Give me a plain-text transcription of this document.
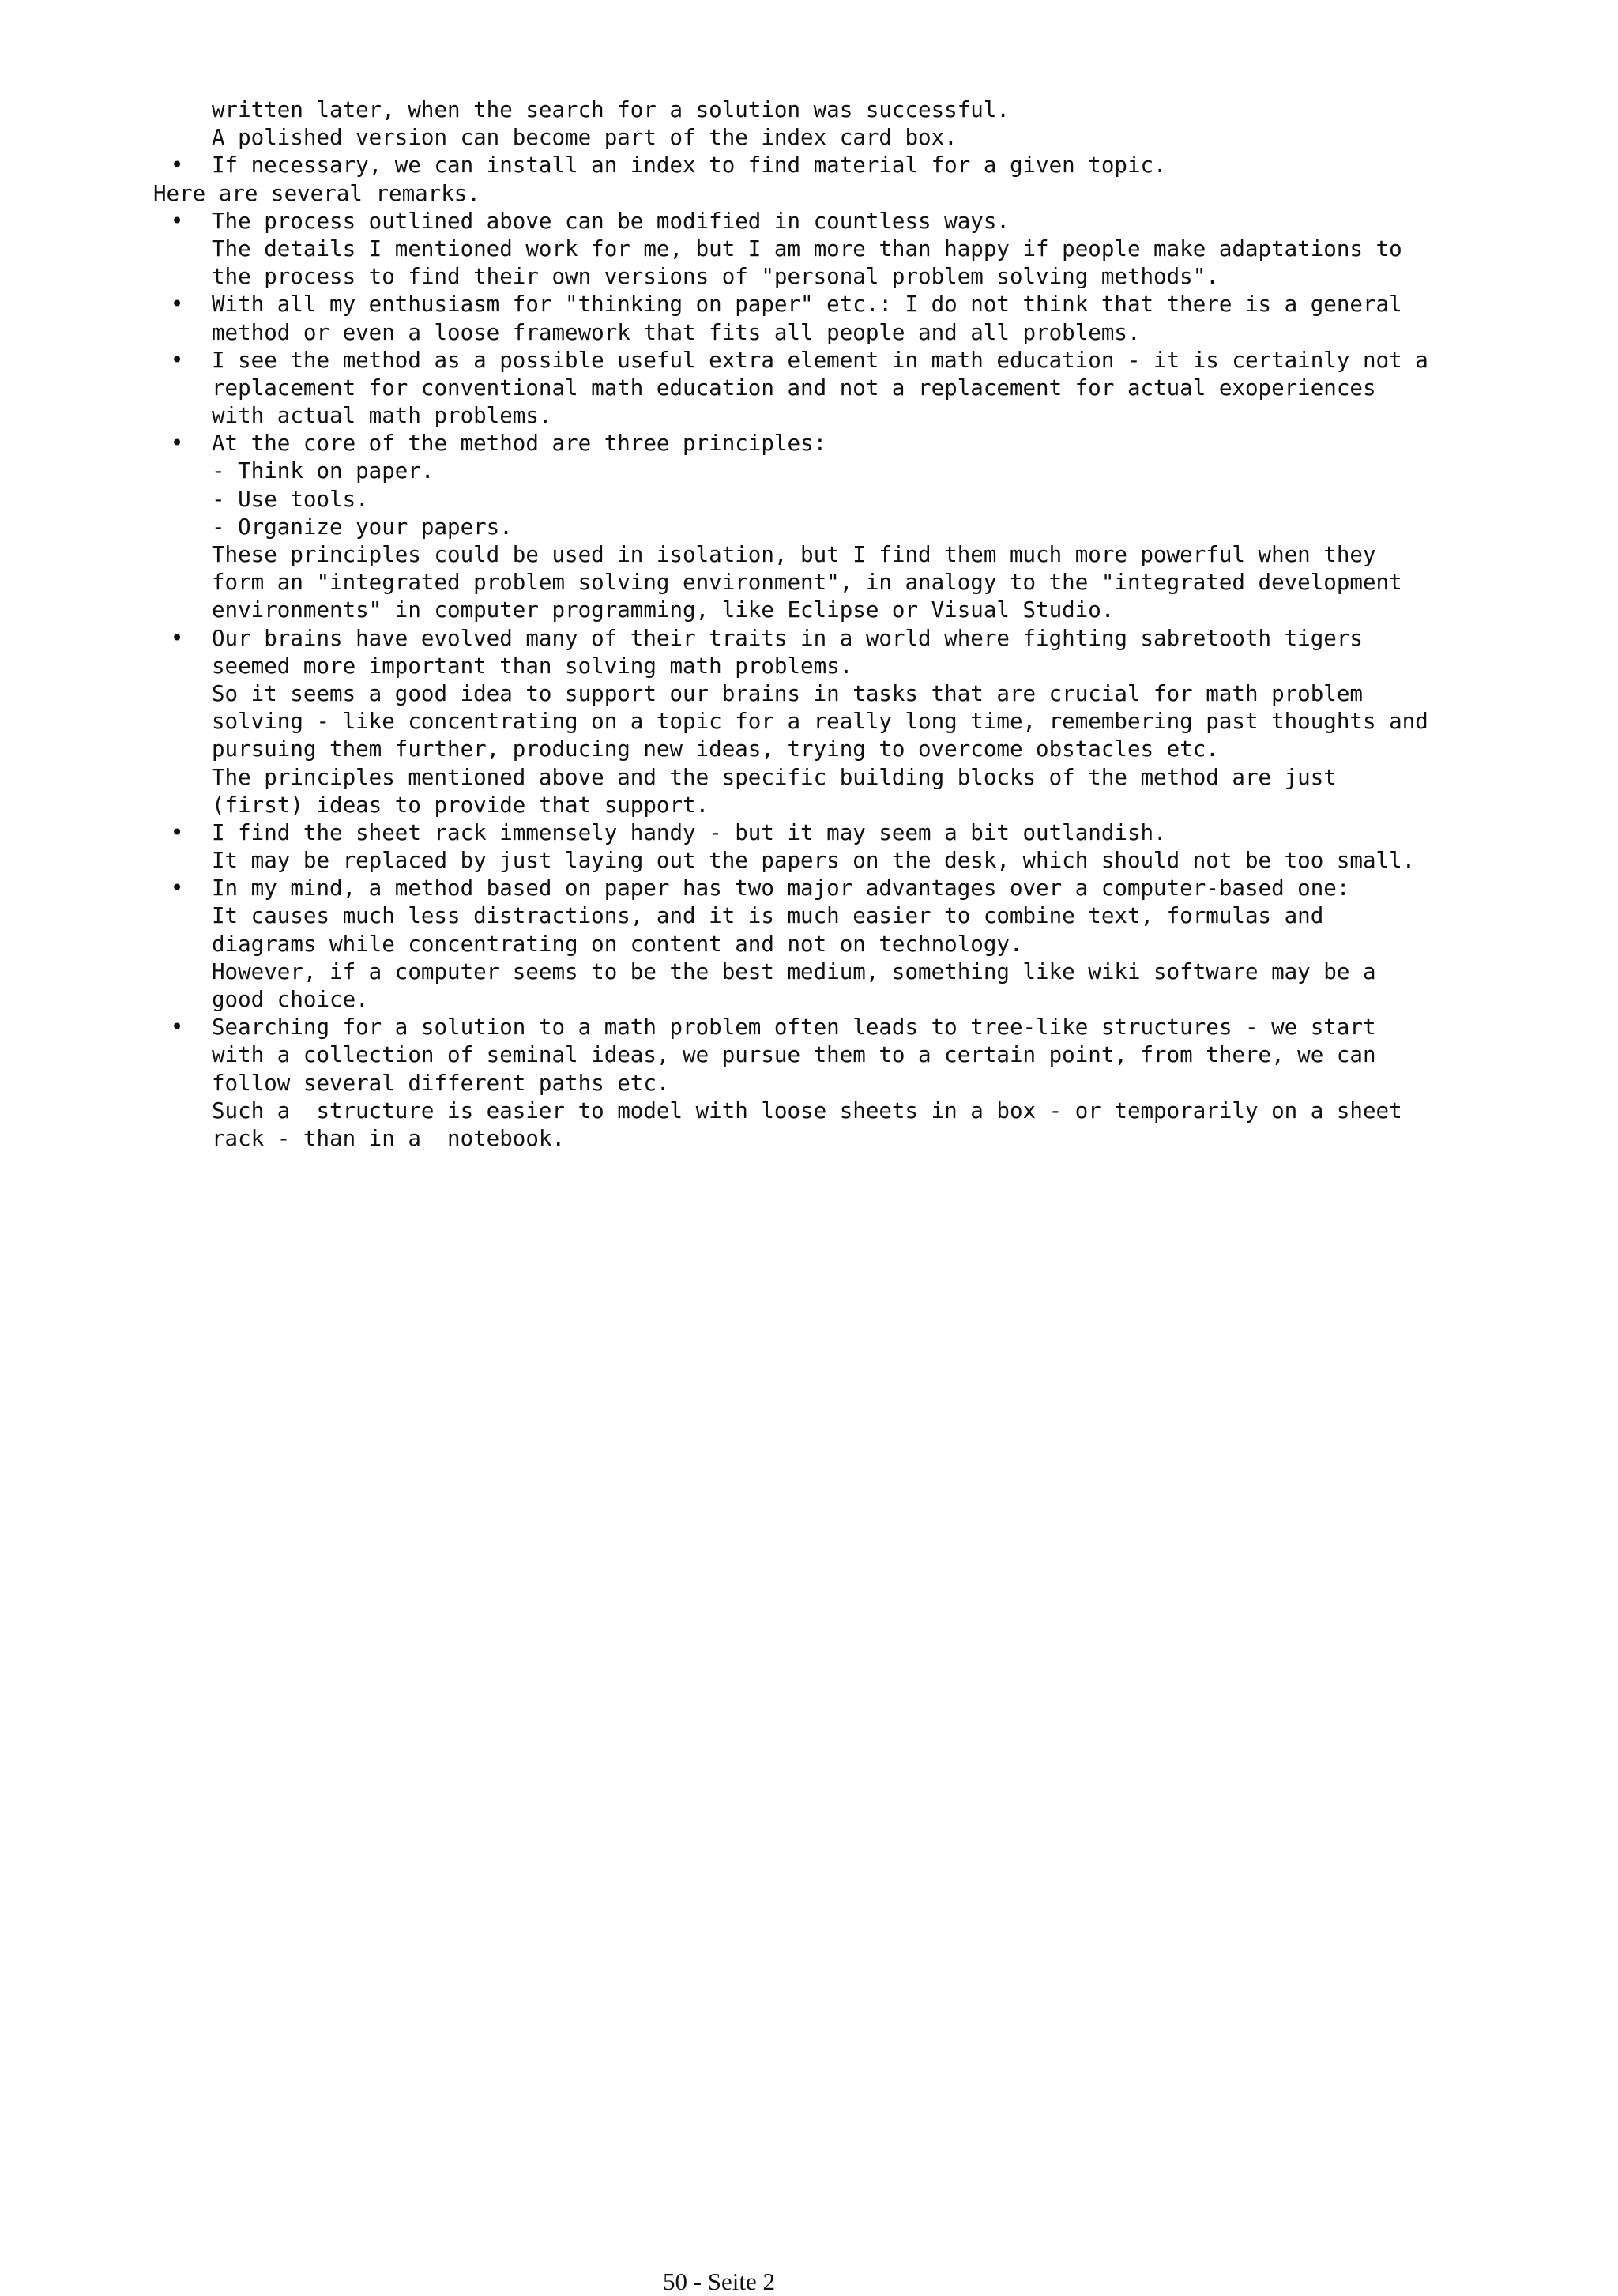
written later, when the search for a solution was successful.
A polished version can become part of the index card box.
• If necessary, we can install an index to find material for a given topic.
Here are several remarks.
• The process outlined above can be modified in countless ways.
The details I mentioned work for me, but I am more than happy if people make adaptations to
the process to find their own versions of "personal problem solving methods".
• With all my enthusiasm for "thinking on paper" etc.: I do not think that there is a general
method or even a loose framework that fits all people and all problems.
• I see the method as a possible useful extra element in math education - it is certainly not a
replacement for conventional math education and not a replacement for actual exoperiences
with actual math problems.
• At the core of the method are three principles:
- Think on paper.
- Use tools.
- Organize your papers.
These principles could be used in isolation, but I find them much more powerful when they
form an "integrated problem solving environment", in analogy to the "integrated development
environments" in computer programming, like Eclipse or Visual Studio.
• Our brains have evolved many of their traits in a world where fighting sabretooth tigers
seemed more important than solving math problems.
So it seems a good idea to support our brains in tasks that are crucial for math problem
solving - like concentrating on a topic for a really long time, remembering past thoughts and
pursuing them further, producing new ideas, trying to overcome obstacles etc.
The principles mentioned above and the specific building blocks of the method are just
(first) ideas to provide that support.
• I find the sheet rack immensely handy - but it may seem a bit outlandish.
It may be replaced by just laying out the papers on the desk, which should not be too small.
• In my mind, a method based on paper has two major advantages over a computer-based one:
It causes much less distractions, and it is much easier to combine text, formulas and
diagrams while concentrating on content and not on technology.
However, if a computer seems to be the best medium, something like wiki software may be a
good choice.
• Searching for a solution to a math problem often leads to tree-like structures - we start
with a collection of seminal ideas, we pursue them to a certain point, from there, we can
follow several different paths etc.
Such a  structure is easier to model with loose sheets in a box - or temporarily on a sheet
rack - than in a  notebook.
50 - Seite 2
